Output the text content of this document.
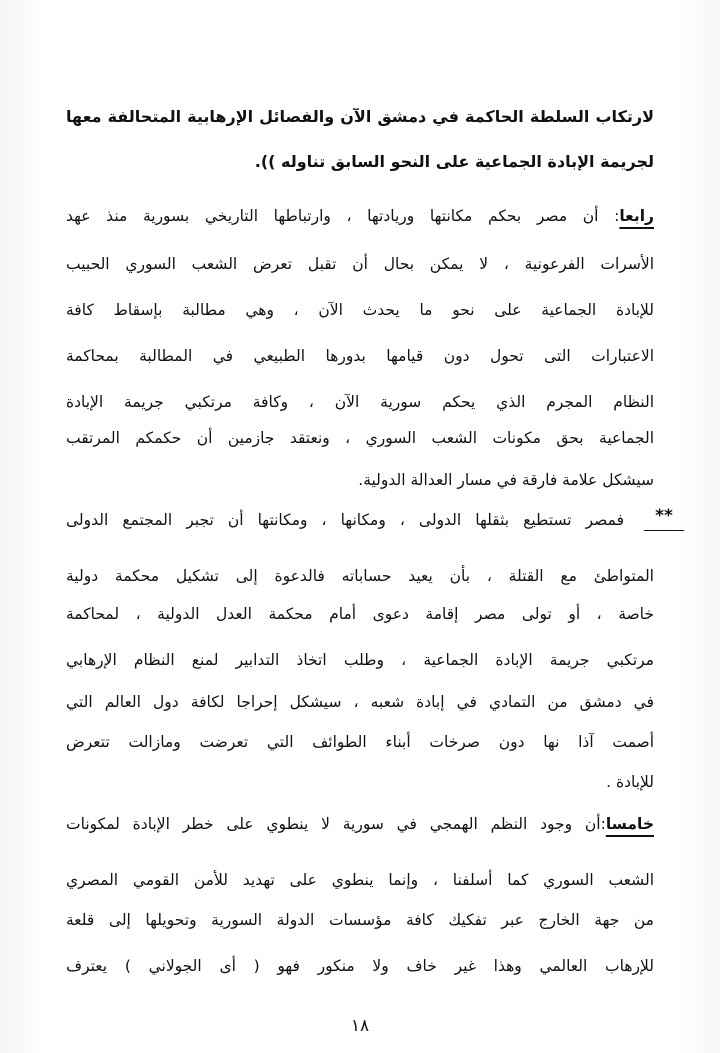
لارتكاب السلطة الحاكمة في دمشق الآن والفصائل الإرهابية المتحالفة معها
لجريمة الإبادة الجماعية على النحو السابق تناوله )).
رابعا: أن مصر بحكم مكانتها وريادتها ، وارتباطها التاريخي بسورية منذ عهد
الأسرات الفرعونية ، لا يمكن بحال أن تقبل تعرض الشعب السوري الحبيب
للإبادة الجماعية على نحو ما يحدث الآن ، وهي مطالبة بإسقاط كافة
الاعتبارات التى تحول دون قيامها بدورها الطبيعي في المطالبة بمحاكمة
النظام المجرم الذي يحكم سورية الآن ، وكافة مرتكبي جريمة الإبادة
الجماعية بحق مكونات الشعب السوري ، ونعتقد جازمين أن حكمكم المرتقب
سيشكل علامة فارقة في مسار العدالة الدولية.
**
فمصر تستطيع بثقلها الدولى ، ومكانها ، ومكانتها أن تجبر المجتمع الدولى
المتواطئ مع القتلة ، بأن يعيد حساباته فالدعوة إلى تشكيل محكمة دولية
خاصة ، أو تولى مصر إقامة دعوى أمام محكمة العدل الدولية ، لمحاكمة
مرتكبي جريمة الإبادة الجماعية ، وطلب اتخاذ التدابير لمنع النظام الإرهابي
في دمشق من التمادي في إبادة شعبه ، سيشكل إحراجا لكافة دول العالم التي
أصمت آذا نها دون صرخات أبناء الطوائف التي تعرضت ومازالت تتعرض
للإبادة .
خامسا:أن وجود النظم الهمجي في سورية لا ينطوي على خطر الإبادة لمكونات
الشعب السوري كما أسلفنا ، وإنما ينطوي على تهديد للأمن القومي المصري
من جهة الخارج عبر تفكيك كافة مؤسسات الدولة السورية وتحويلها إلى قلعة
للإرهاب العالمي وهذا غير خاف ولا منكور فهو ( أى الجولاني ) يعترف
١٨
